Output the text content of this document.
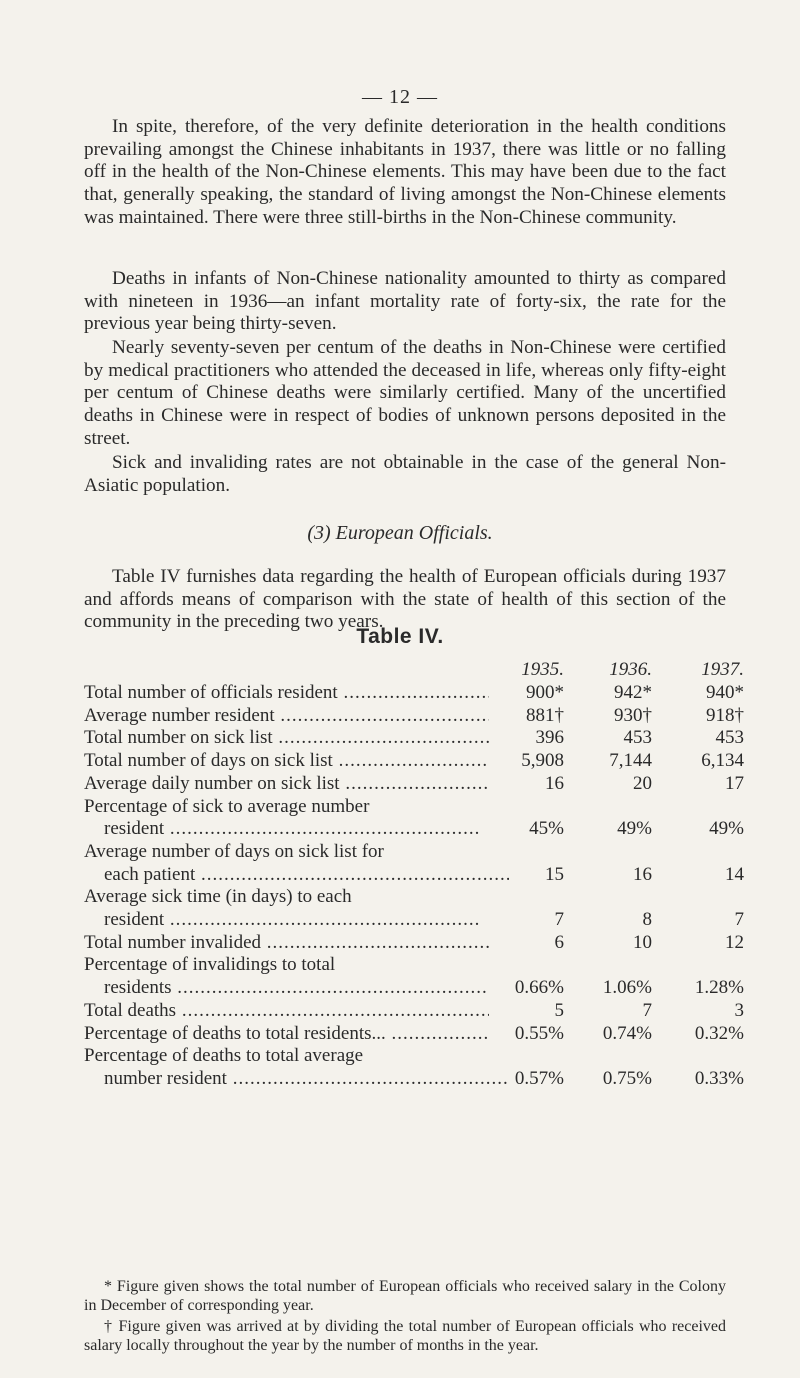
— 12 —

In spite, therefore, of the very definite deterioration in the health conditions prevailing amongst the Chinese inhabitants in 1937, there was little or no falling off in the health of the Non-Chinese elements. This may have been due to the fact that, generally speaking, the standard of living amongst the Non-Chinese elements was maintained. There were three still-births in the Non-Chinese community.

Deaths in infants of Non-Chinese nationality amounted to thirty as compared with nineteen in 1936—an infant mortality rate of forty-six, the rate for the previous year being thirty-seven.

Nearly seventy-seven per centum of the deaths in Non-Chinese were certified by medical practitioners who attended the deceased in life, whereas only fifty-eight per centum of Chinese deaths were similarly certified. Many of the uncertified deaths in Chinese were in respect of bodies of unknown persons deposited in the street.

Sick and invaliding rates are not obtainable in the case of the general Non-Asiatic population.

(3) European Officials.

Table IV furnishes data regarding the health of European officials during 1937 and affords means of comparison with the state of health of this section of the community in the preceding two years.

Table IV.
1935. 1936.	1937.
Total number of officials resident .....	900*	942*	940*
Average number resident .....	881†	930†	918†
Total number on sick list .....	396	453	453
Total number of days on sick list .....	5,908 7,144	6,134
Average daily number on sick list .....	16	20	17
Percentage of sick to average number
resident .....	45%	49%	49%
Average number of days on sick list for
each patient .....	15	16	14
Average sick time (in days) to each
resident .....	7	8	7
Total number invalided .....	6	10	12
Percentage of invalidings to total
residents .....	0.66% 1.06% 1.28%
Total deaths .....	5	7	3
Percentage of deaths to total residents... .....	0.55% 0.74% 0.32%
Percentage of deaths to total average
number resident .....	0.57% 0.75% 0.33%

* Figure given shows the total number of European officials who received salary in the Colony in December of corresponding year.

† Figure given was arrived at by dividing the total number of European officials who received salary locally throughout the year by the number of months in the year.
